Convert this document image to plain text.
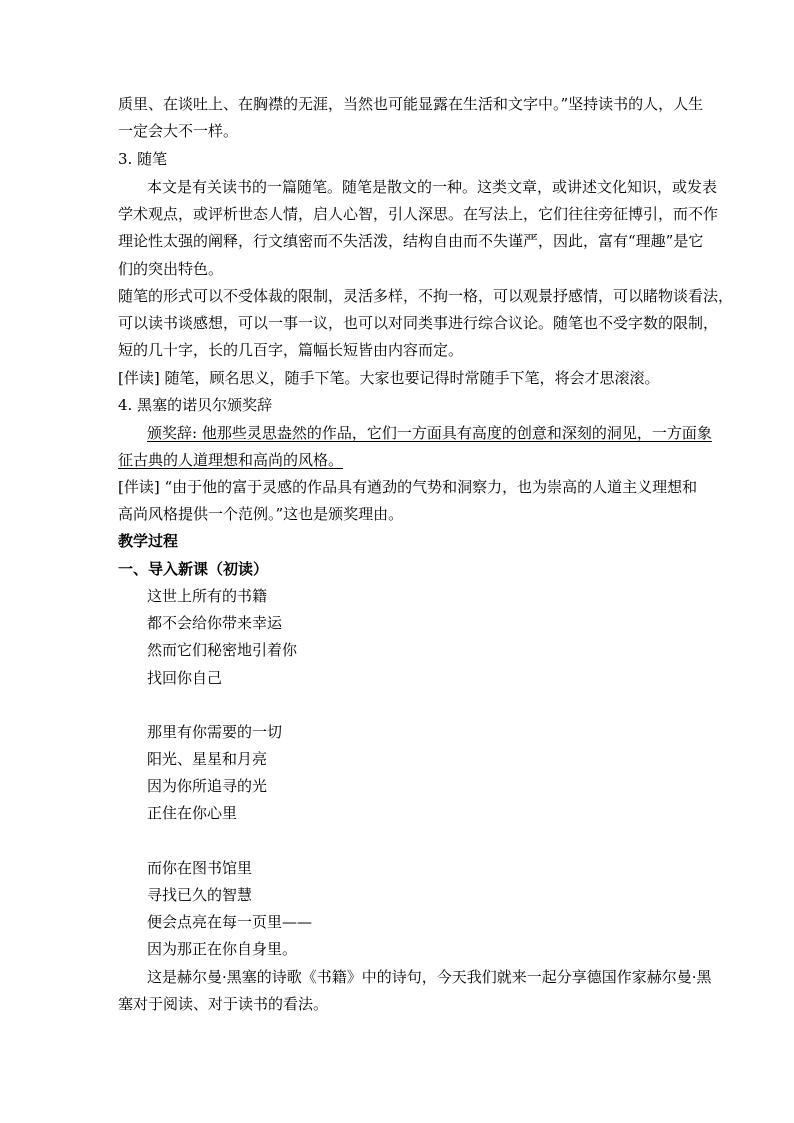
质里、在谈吐上、在胸襟的无涯，当然也可能显露在生活和文字中。”坚持读书的人，人生
一定会大不一样。
3. 随笔
本文是有关读书的一篇随笔。随笔是散文的一种。这类文章，或讲述文化知识，或发表
学术观点，或评析世态人情，启人心智，引人深思。在写法上，它们往往旁征博引，而不作
理论性太强的阐释，行文缜密而不失活泼，结构自由而不失谨严，因此，富有“理趣”是它
们的突出特色。
随笔的形式可以不受体裁的限制，灵活多样，不拘一格，可以观景抒感情，可以睹物谈看法，
可以读书谈感想，可以一事一议，也可以对同类事进行综合议论。随笔也不受字数的限制，
短的几十字，长的几百字，篇幅长短皆由内容而定。
[伴读] 随笔，顾名思义，随手下笔。大家也要记得时常随手下笔，将会才思滚滚。
4. 黑塞的诺贝尔颁奖辞
颁奖辞: 他那些灵思盎然的作品，它们一方面具有高度的创意和深刻的洞见，一方面象
征古典的人道理想和高尚的风格。
[伴读] “由于他的富于灵感的作品具有遒劲的气势和洞察力，也为崇高的人道主义理想和
高尚风格提供一个范例。”这也是颁奖理由。
教学过程
一、导入新课（初读）
这世上所有的书籍
都不会给你带来幸运
然而它们秘密地引着你
找回你自己
那里有你需要的一切
阳光、星星和月亮
因为你所追寻的光
正住在你心里
而你在图书馆里
寻找已久的智慧
便会点亮在每一页里——
因为那正在你自身里。
这是赫尔曼·黑塞的诗歌《书籍》中的诗句，今天我们就来一起分享德国作家赫尔曼·黑
塞对于阅读、对于读书的看法。
